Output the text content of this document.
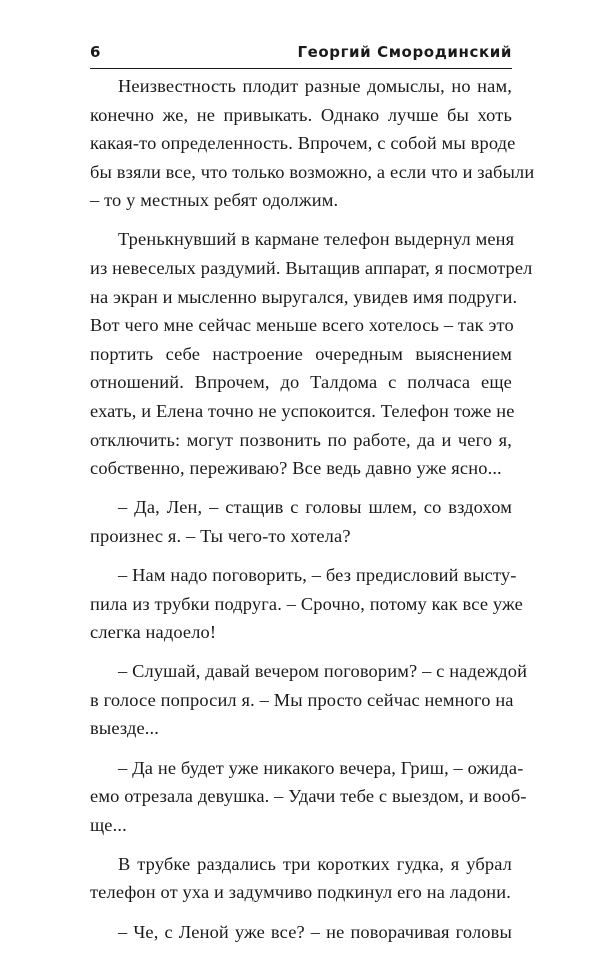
6	Георгий Смородинский

Неизвестность плодит разные домыслы, но нам,
конечно же, не привыкать. Однако лучше бы хоть
какая-то определенность. Впрочем, с собой мы вроде
бы взяли все, что только возможно, а если что и забыли
– то у местных ребят одолжим.

Тренькнувший в кармане телефон выдернул меня
из невеселых раздумий. Вытащив аппарат, я посмотрел
на экран и мысленно выругался, увидев имя подруги.
Вот чего мне сейчас меньше всего хотелось – так это
портить себе настроение очередным выяснением
отношений. Впрочем, до Талдома с полчаса еще
ехать, и Елена точно не успокоится. Телефон тоже не
отключить: могут позвонить по работе, да и чего я,
собственно, переживаю? Все ведь давно уже ясно...

– Да, Лен, – стащив с головы шлем, со вздохом
произнес я. – Ты чего-то хотела?

– Нам надо поговорить, – без предисловий высту-
пила из трубки подруга. – Срочно, потому как все уже
слегка надоело!

– Слушай, давай вечером поговорим? – с надеждой
в голосе попросил я. – Мы просто сейчас немного на
выезде...

– Да не будет уже никакого вечера, Гриш, – ожида-
емо отрезала девушка. – Удачи тебе с выездом, и вооб-
ще...

В трубке раздались три коротких гудка, я убрал
телефон от уха и задумчиво подкинул его на ладони.

– Че, с Леной уже все? – не поворачивая головы
